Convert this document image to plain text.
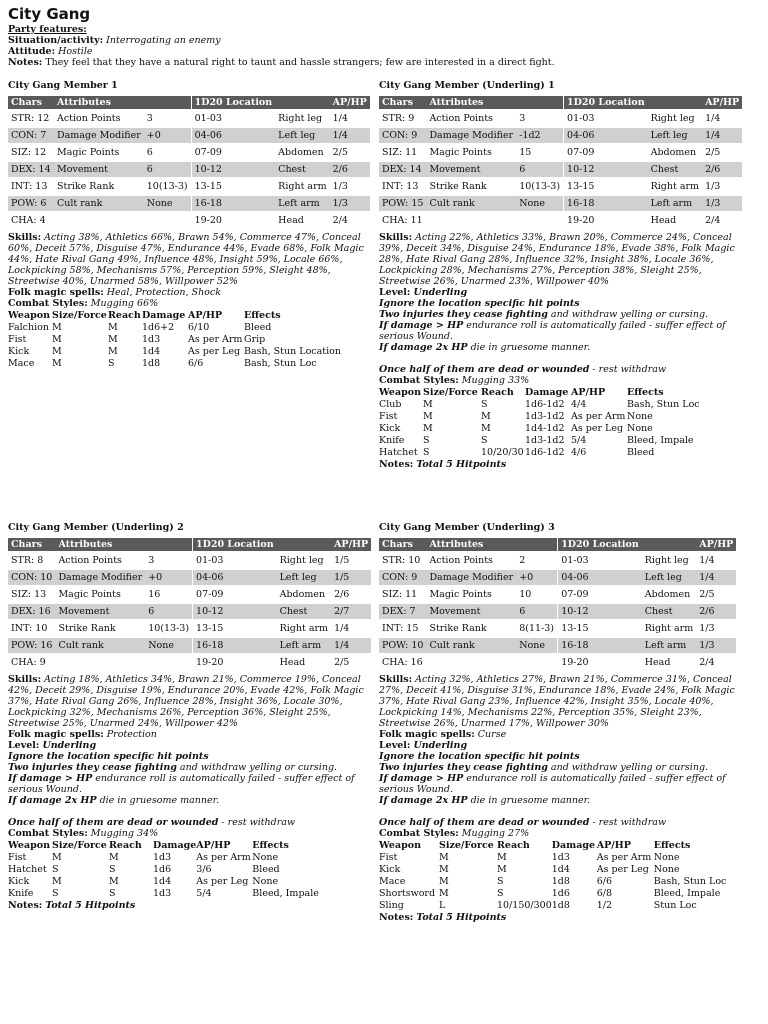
City Gang
Party features:
Situation/activity: Interrogating an enemy
Attitude: Hostile
Notes: They feel that they have a natural right to taunt and hassle strangers; few are interested in a direct fight.
City Gang Member 1
Chars	Attributes			1D20 Location		AP/HP
STR: 12	Action Points	3		01-03	Right leg	1/4
CON: 7	Damage Modifier	+0		04-06	Left leg	1/4
SIZ: 12	Magic Points	6		07-09	Abdomen	2/5
DEX: 14	Movement	6		10-12	Chest	2/6
INT: 13	Strike Rank	10(13-3)		13-15	Right arm	1/3
POW: 6	Cult rank	None		16-18	Left arm	1/3
CHA: 4				19-20	Head	2/4
Skills: Acting 38%, Athletics 66%, Brawn 54%, Commerce 47%, Conceal 60%, Deceit 57%, Disguise 47%, Endurance 44%, Evade 68%, Folk Magic 44%, Hate Rival Gang 49%, Influence 48%, Insight 59%, Locale 66%, Lockpicking 58%, Mechanisms 57%, Perception 59%, Sleight 48%, Streetwise 40%, Unarmed 58%, Willpower 52%
Folk magic spells: Heal, Protection, Shock
Combat Styles: Mugging 66%
Weapon	Size/Force	Reach	Damage	AP/HP	Effects
Falchion	M	M	1d6+2	6/10	Bleed
Fist	M	M	1d3	As per Arm	Grip
Kick	M	M	1d4	As per Leg	Bash, Stun Location
Mace	M	S	1d8	6/6	Bash, Stun Loc
City Gang Member (Underling) 1
Chars	Attributes			1D20 Location		AP/HP
STR: 9	Action Points	3		01-03	Right leg	1/4
CON: 9	Damage Modifier	-1d2		04-06	Left leg	1/4
SIZ: 11	Magic Points	15		07-09	Abdomen	2/5
DEX: 14	Movement	6		10-12	Chest	2/6
INT: 13	Strike Rank	10(13-3)		13-15	Right arm	1/3
POW: 15	Cult rank	None		16-18	Left arm	1/3
CHA: 11				19-20	Head	2/4
Skills: Acting 22%, Athletics 33%, Brawn 20%, Commerce 24%, Conceal 39%, Deceit 34%, Disguise 24%, Endurance 18%, Evade 38%, Folk Magic 28%, Hate Rival Gang 28%, Influence 32%, Insight 38%, Locale 36%, Lockpicking 28%, Mechanisms 27%, Perception 38%, Sleight 25%, Streetwise 26%, Unarmed 23%, Willpower 40%
Level: Underling
Ignore the location specific hit points
Two injuries they cease fighting and withdraw yelling or cursing.
If damage > HP endurance roll is automatically failed - suffer effect of serious Wound.
If damage 2x HP die in gruesome manner.
Once half of them are dead or wounded - rest withdraw
Combat Styles: Mugging 33%
Weapon	Size/Force	Reach	Damage	AP/HP	Effects
Club	M	S	1d6-1d2	4/4	Bash, Stun Loc
Fist	M	M	1d3-1d2	As per Arm	None
Kick	M	M	1d4-1d2	As per Leg	None
Knife	S	S	1d3-1d2	5/4	Bleed, Impale
Hatchet	S	10/20/30	1d6-1d2	4/6	Bleed
Notes: Total 5 Hitpoints
City Gang Member (Underling) 2
Chars	Attributes			1D20 Location		AP/HP
STR: 8	Action Points	3		01-03	Right leg	1/5
CON: 10	Damage Modifier	+0		04-06	Left leg	1/5
SIZ: 13	Magic Points	16		07-09	Abdomen	2/6
DEX: 16	Movement	6		10-12	Chest	2/7
INT: 10	Strike Rank	10(13-3)		13-15	Right arm	1/4
POW: 16	Cult rank	None		16-18	Left arm	1/4
CHA: 9				19-20	Head	2/5
Skills: Acting 18%, Athletics 34%, Brawn 21%, Commerce 19%, Conceal 42%, Deceit 29%, Disguise 19%, Endurance 20%, Evade 42%, Folk Magic 37%, Hate Rival Gang 26%, Influence 28%, Insight 36%, Locale 30%, Lockpicking 32%, Mechanisms 26%, Perception 36%, Sleight 25%, Streetwise 25%, Unarmed 24%, Willpower 42%
Folk magic spells: Protection
Level: Underling
Ignore the location specific hit points
Two injuries they cease fighting and withdraw yelling or cursing.
If damage > HP endurance roll is automatically failed - suffer effect of serious Wound.
If damage 2x HP die in gruesome manner.
Once half of them are dead or wounded - rest withdraw
Combat Styles: Mugging 34%
Weapon	Size/Force	Reach	Damage	AP/HP	Effects
Fist	M	M	1d3	As per Arm	None
Hatchet	S	S	1d6	3/6	Bleed
Kick	M	M	1d4	As per Leg	None
Knife	S	S	1d3	5/4	Bleed, Impale
Notes: Total 5 Hitpoints
City Gang Member (Underling) 3
Chars	Attributes			1D20 Location		AP/HP
STR: 10	Action Points	2		01-03	Right leg	1/4
CON: 9	Damage Modifier	+0		04-06	Left leg	1/4
SIZ: 11	Magic Points	10		07-09	Abdomen	2/5
DEX: 7	Movement	6		10-12	Chest	2/6
INT: 15	Strike Rank	8(11-3)		13-15	Right arm	1/3
POW: 10	Cult rank	None		16-18	Left arm	1/3
CHA: 16				19-20	Head	2/4
Skills: Acting 32%, Athletics 27%, Brawn 21%, Commerce 31%, Conceal 27%, Deceit 41%, Disguise 31%, Endurance 18%, Evade 24%, Folk Magic 37%, Hate Rival Gang 23%, Influence 42%, Insight 35%, Locale 40%, Lockpicking 14%, Mechanisms 22%, Perception 35%, Sleight 23%, Streetwise 26%, Unarmed 17%, Willpower 30%
Folk magic spells: Curse
Level: Underling
Ignore the location specific hit points
Two injuries they cease fighting and withdraw yelling or cursing.
If damage > HP endurance roll is automatically failed - suffer effect of serious Wound.
If damage 2x HP die in gruesome manner.
Once half of them are dead or wounded - rest withdraw
Combat Styles: Mugging 27%
Weapon	Size/Force	Reach	Damage	AP/HP	Effects
Fist	M	M	1d3	As per Arm	None
Kick	M	M	1d4	As per Leg	None
Mace	M	S	1d8	6/6	Bash, Stun Loc
Shortsword	M	S	1d6	6/8	Bleed, Impale
Sling	L	10/150/300	1d8	1/2	Stun Loc
Notes: Total 5 Hitpoints
